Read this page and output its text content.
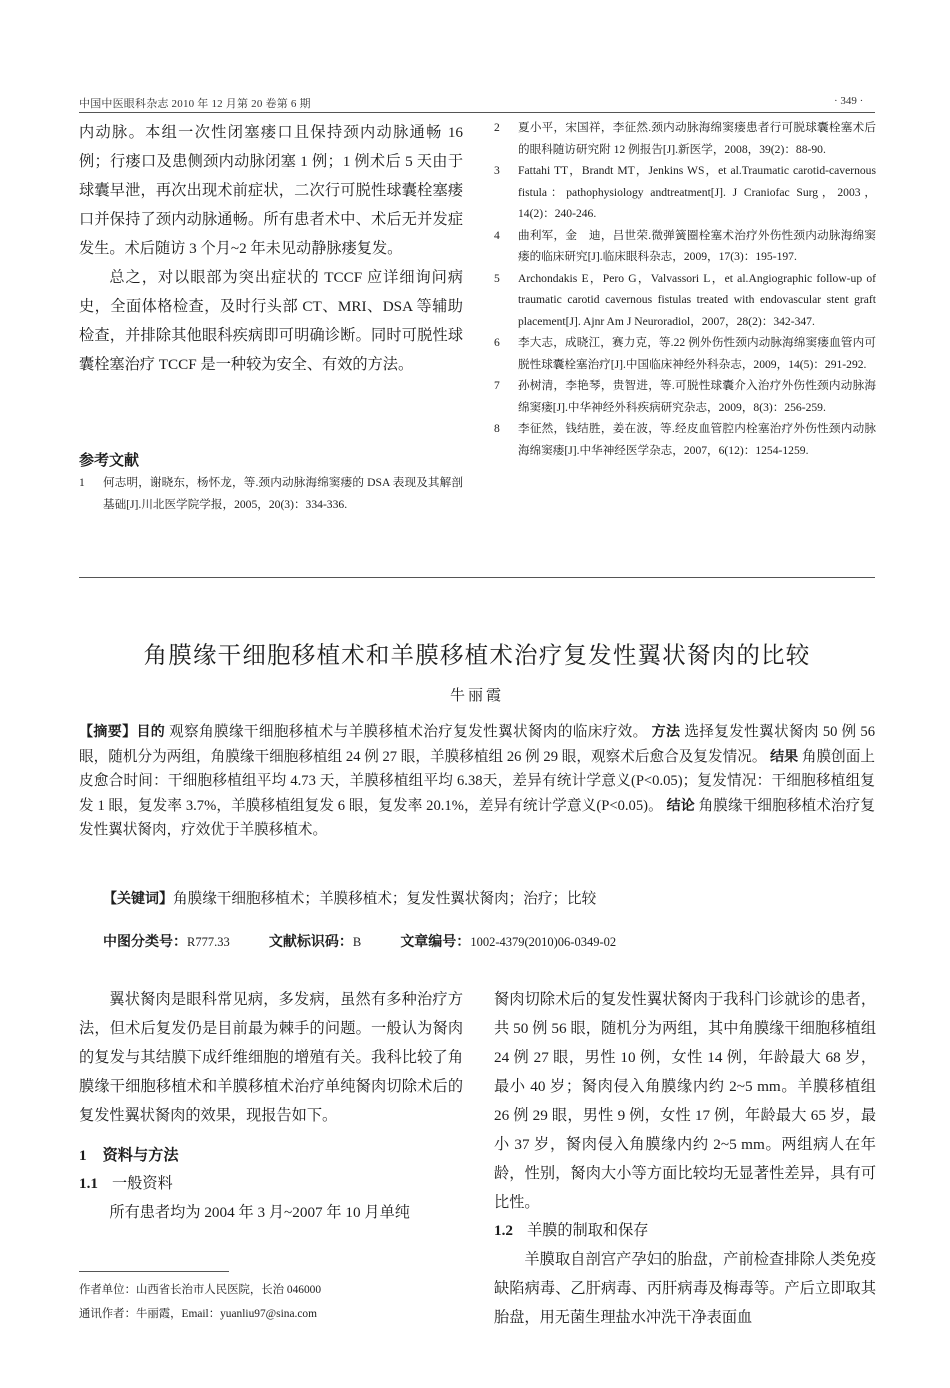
中国中医眼科杂志 2010 年 12 月第 20 卷第 6 期	· 349 ·

内动脉。本组一次性闭塞瘘口且保持颈内动脉通畅 16 例；行瘘口及患侧颈内动脉闭塞 1 例；1 例术后 5 天由于球囊早泄，再次出现术前症状，二次行可脱性球囊栓塞瘘口并保持了颈内动脉通畅。所有患者术中、术后无并发症发生。术后随访 3 个月~2 年未见动静脉瘘复发。

总之，对以眼部为突出症状的 TCCF 应详细询问病史，全面体格检查，及时行头部 CT、MRI、DSA 等辅助检查，并排除其他眼科疾病即可明确诊断。同时可脱性球囊栓塞治疗 TCCF 是一种较为安全、有效的方法。

参考文献
1	何志明，谢晓东，杨怀龙，等.颈内动脉海绵窦瘘的 DSA 表现及其解剖基础[J].川北医学院学报，2005，20(3)：334-336.
2	夏小平，宋国祥，李征然.颈内动脉海绵窦瘘患者行可脱球囊栓塞术后的眼科随访研究附 12 例报告[J].新医学，2008，39(2)：88-90.
3	Fattahi TT，Brandt MT，Jenkins WS，et al.Traumatic carotid-cavernous fistula：pathophysiology andtreatment[J]. J Craniofac Surg，2003，14(2)：240-246.
4	曲利军，金　迪，吕世荣.微弹簧圈栓塞术治疗外伤性颈内动脉海绵窦瘘的临床研究[J].临床眼科杂志，2009，17(3)：195-197.
5	Archondakis E，Pero G，Valvassori L，et al.Angiographic follow-up of traumatic carotid cavernous fistulas treated with endovascular stent graft placement[J]. Ajnr Am J Neuroradiol，2007，28(2)：342-347.
6	李大志，成晓江，赛力克，等.22 例外伤性颈内动脉海绵窦瘘血管内可脱性球囊栓塞治疗[J].中国临床神经外科杂志，2009，14(5)：291-292.
7	孙树清，李艳琴，贵智进，等.可脱性球囊介入治疗外伤性颈内动脉海绵窦瘘[J].中华神经外科疾病研究杂志，2009，8(3)：256-259.
8	李征然，钱结胜，姜在波，等.经皮血管腔内栓塞治疗外伤性颈内动脉海绵窦瘘[J].中华神经医学杂志，2007，6(12)：1254-1259.
角膜缘干细胞移植术和羊膜移植术治疗复发性翼状胬肉的比较
牛丽霞

【摘要】目的 观察角膜缘干细胞移植术与羊膜移植术治疗复发性翼状胬肉的临床疗效。 方法 选择复发性翼状胬肉 50 例 56 眼，随机分为两组，角膜缘干细胞移植组 24 例 27 眼，羊膜移植组 26 例 29 眼，观察术后愈合及复发情况。 结果 角膜创面上皮愈合时间：干细胞移植组平均 4.73 天，羊膜移植组平均 6.38天，差异有统计学意义(P<0.05)；复发情况：干细胞移植组复发 1 眼，复发率 3.7%，羊膜移植组复发 6 眼，复发率 20.1%，差异有统计学意义(P<0.05)。 结论 角膜缘干细胞移植术治疗复发性翼状胬肉，疗效优于羊膜移植术。

【关键词】角膜缘干细胞移植术；羊膜移植术；复发性翼状胬肉；治疗；比较
中图分类号：R777.33	文献标识码：B	文章编号：1002-4379(2010)06-0349-02

翼状胬肉是眼科常见病，多发病，虽然有多种治疗方法，但术后复发仍是目前最为棘手的问题。一般认为胬肉的复发与其结膜下成纤维细胞的增殖有关。我科比较了角膜缘干细胞移植术和羊膜移植术治疗单纯胬肉切除术后的复发性翼状胬肉的效果，现报告如下。

1 资料与方法

1.1 一般资料

所有患者均为 2004 年 3 月~2007 年 10 月单纯

胬肉切除术后的复发性翼状胬肉于我科门诊就诊的患者，共 50 例 56 眼，随机分为两组，其中角膜缘干细胞移植组 24 例 27 眼，男性 10 例，女性 14 例，年龄最大 68 岁，最小 40 岁；胬肉侵入角膜缘内约 2~5 mm。羊膜移植组 26 例 29 眼，男性 9 例，女性 17 例，年龄最大 65 岁，最小 37 岁，胬肉侵入角膜缘内约 2~5 mm。两组病人在年龄，性别，胬肉大小等方面比较均无显著性差异，具有可比性。

1.2 羊膜的制取和保存

羊膜取自剖宫产孕妇的胎盘，产前检查排除人类免疫缺陷病毒、乙肝病毒、丙肝病毒及梅毒等。产后立即取其胎盘，用无菌生理盐水冲洗干净表面血

作者单位：山西省长治市人民医院，长治 046000
通讯作者：牛丽霞，Email：yuanliu97@sina.com
